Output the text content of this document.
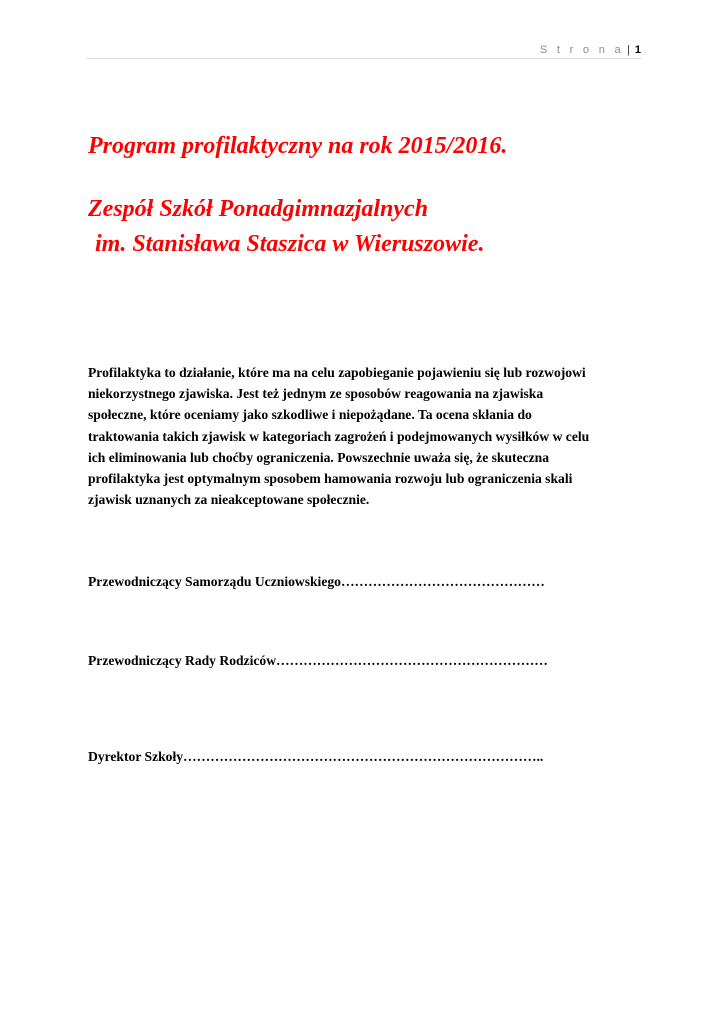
S t r o n a | 1
Program profilaktyczny na rok 2015/2016.
Zespół Szkół Ponadgimnazjalnych
im. Stanisława Staszica w Wieruszowie.

Profilaktyka to działanie, które ma na celu zapobieganie pojawieniu się lub rozwojowi
niekorzystnego zjawiska. Jest też jednym ze sposobów reagowania na zjawiska
społeczne, które oceniamy jako szkodliwe i niepożądane. Ta ocena skłania do
traktowania takich zjawisk w kategoriach zagrożeń i podejmowanych wysiłków w celu
ich eliminowania lub choćby ograniczenia. Powszechnie uważa się, że skuteczna
profilaktyka jest optymalnym sposobem hamowania rozwoju lub ograniczenia skali
zjawisk uznanych za nieakceptowane społecznie.

Przewodniczący Samorządu Uczniowskiego………………………………………

Przewodniczący Rady Rodziców……………………………………………………

Dyrektor Szkoły……………………………………………………………………..
